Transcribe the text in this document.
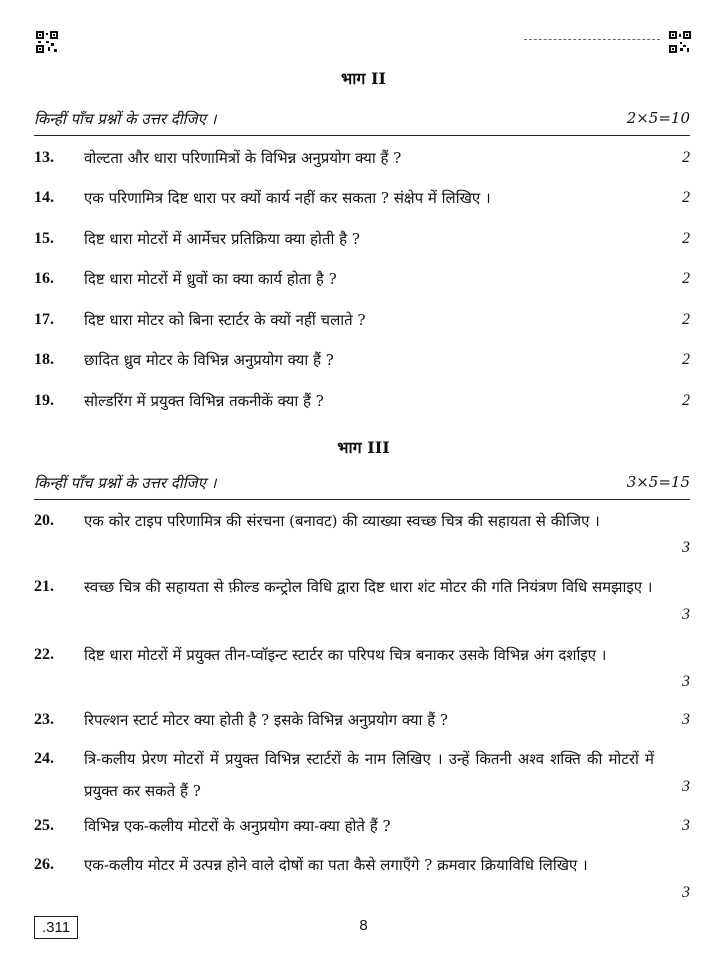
भाग II
किन्हीं पाँच प्रश्नों के उत्तर दीजिए ।	2×5=10
13. वोल्टता और धारा परिणामित्रों के विभिन्न अनुप्रयोग क्या हैं ?	2
14. एक परिणामित्र दिष्ट धारा पर क्यों कार्य नहीं कर सकता ? संक्षेप में लिखिए ।	2
15. दिष्ट धारा मोटरों में आर्मेचर प्रतिक्रिया क्या होती है ?	2
16. दिष्ट धारा मोटरों में ध्रुवों का क्या कार्य होता है ?	2
17. दिष्ट धारा मोटर को बिना स्टार्टर के क्यों नहीं चलाते ?	2
18. छादित ध्रुव मोटर के विभिन्न अनुप्रयोग क्या हैं ?	2
19. सोल्डरिंग में प्रयुक्त विभिन्न तकनीकें क्या हैं ?	2
भाग III
किन्हीं पाँच प्रश्नों के उत्तर दीजिए ।	3×5=15
20. एक कोर टाइप परिणामित्र की संरचना (बनावट) की व्याख्या स्वच्छ चित्र की सहायता से कीजिए ।
3
21. स्वच्छ चित्र की सहायता से फ़ील्ड कन्ट्रोल विधि द्वारा दिष्ट धारा शंट मोटर की गति नियंत्रण विधि समझाइए ।
3
22. दिष्ट धारा मोटरों में प्रयुक्त तीन-प्वॉइन्ट स्टार्टर का परिपथ चित्र बनाकर उसके विभिन्न अंग दर्शाइए ।
3
23. रिपल्शन स्टार्ट मोटर क्या होती है ? इसके विभिन्न अनुप्रयोग क्या हैं ?	3
24. त्रि-कलीय प्रेरण मोटरों में प्रयुक्त विभिन्न स्टार्टरों के नाम लिखिए । उन्हें कितनी अश्व शक्ति की मोटरों में प्रयुक्त कर सकते हैं ?	3
25. विभिन्न एक-कलीय मोटरों के अनुप्रयोग क्या-क्या होते हैं ?	3
26. एक-कलीय मोटर में उत्पन्न होने वाले दोषों का पता कैसे लगाएँगे ? क्रमवार क्रियाविधि लिखिए ।
3
.311	8
